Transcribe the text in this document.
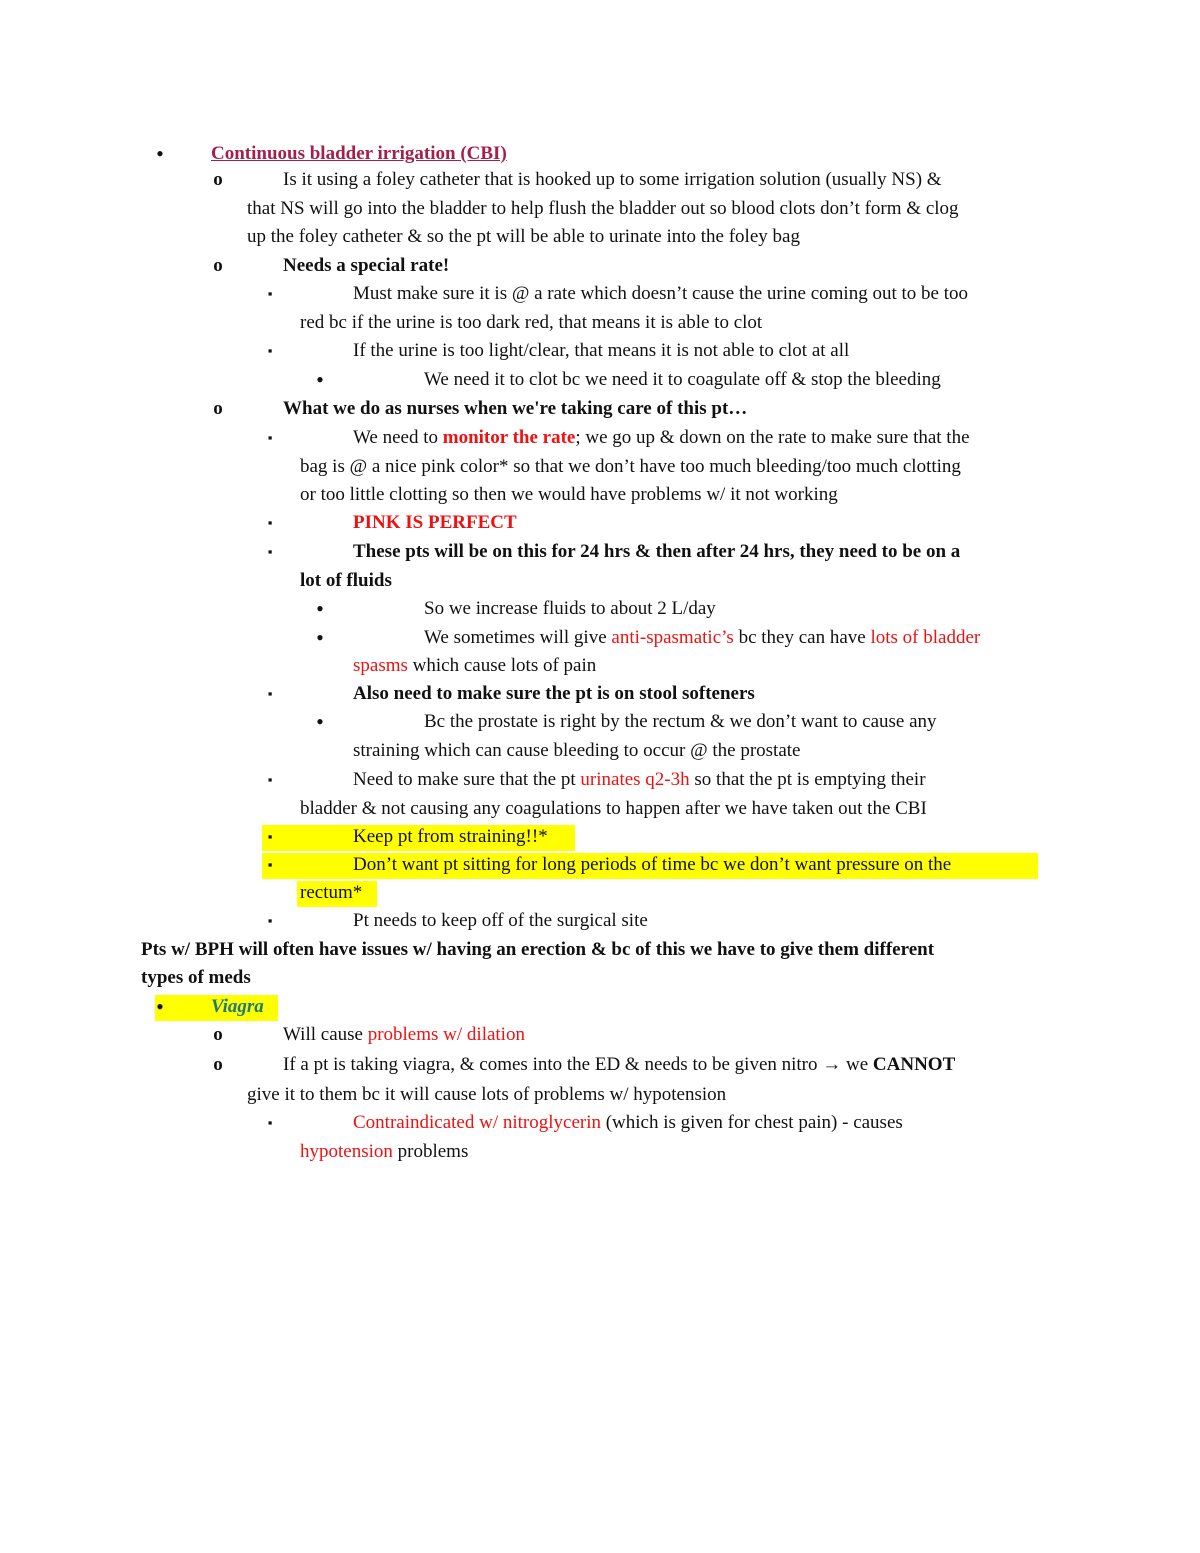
•	Continuous bladder irrigation (CBI)
o	Is it using a foley catheter that is hooked up to some irrigation solution (usually NS) &
that NS will go into the bladder to help flush the bladder out so blood clots don’t form & clog
up the foley catheter & so the pt will be able to urinate into the foley bag
o	Needs a special rate!
▪	Must make sure it is @ a rate which doesn’t cause the urine coming out to be too
red bc if the urine is too dark red, that means it is able to clot
▪	If the urine is too light/clear, that means it is not able to clot at all
•	We need it to clot bc we need it to coagulate off & stop the bleeding
o	What we do as nurses when we're taking care of this pt…
▪	We need to monitor the rate; we go up & down on the rate to make sure that the
bag is @ a nice pink color* so that we don’t have too much bleeding/too much clotting
or too little clotting so then we would have problems w/ it not working
▪	PINK IS PERFECT
▪	These pts will be on this for 24 hrs & then after 24 hrs, they need to be on a
lot of fluids
•	So we increase fluids to about 2 L/day
•	We sometimes will give anti-spasmatic’s bc they can have lots of bladder
spasms which cause lots of pain
▪	Also need to make sure the pt is on stool softeners
•	Bc the prostate is right by the rectum & we don’t want to cause any
straining which can cause bleeding to occur @ the prostate
▪	Need to make sure that the pt urinates q2-3h so that the pt is emptying their
bladder & not causing any coagulations to happen after we have taken out the CBI
▪	Keep pt from straining!!*
▪	Don’t want pt sitting for long periods of time bc we don’t want pressure on the
rectum*
▪	Pt needs to keep off of the surgical site
Pts w/ BPH will often have issues w/ having an erection & bc of this we have to give them different
types of meds
•	Viagra
o	Will cause problems w/ dilation
o	If a pt is taking viagra, & comes into the ED & needs to be given nitro → we CANNOT
give it to them bc it will cause lots of problems w/ hypotension
▪	Contraindicated w/ nitroglycerin (which is given for chest pain) - causes
hypotension problems
